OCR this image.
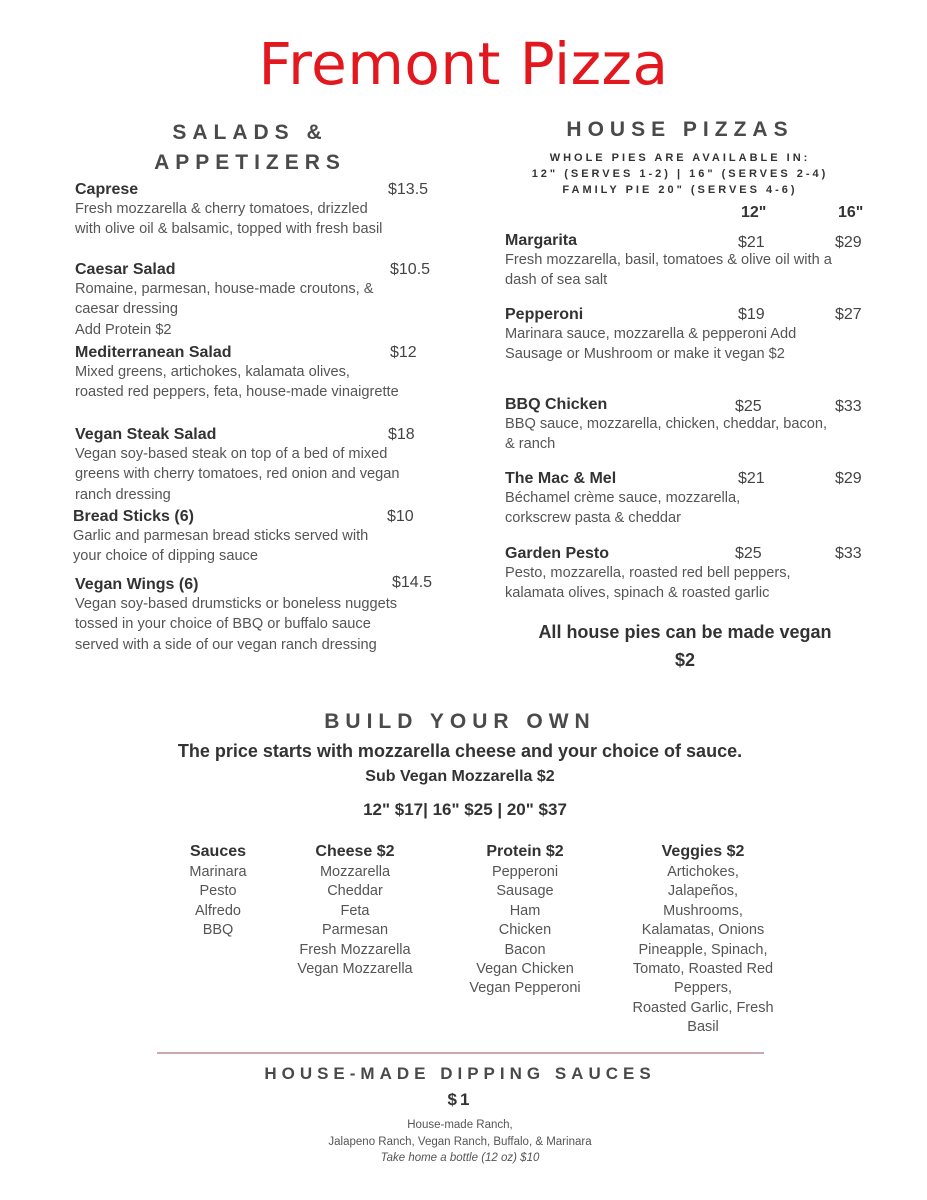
Fremont Pizza
SALADS &
APPETIZERS
Caprese	$13.5
Fresh mozzarella & cherry tomatoes, drizzled with olive oil & balsamic, topped with fresh basil
Caesar Salad	$10.5
Romaine, parmesan, house-made croutons, & caesar dressing
Add Protein $2
Mediterranean Salad	$12
Mixed greens, artichokes, kalamata olives, roasted red peppers, feta, house-made vinaigrette
Vegan Steak Salad	$18
Vegan soy-based steak on top of a bed of mixed greens with cherry tomatoes, red onion and vegan ranch dressing
Bread Sticks (6)	$10
Garlic and parmesan bread sticks served with your choice of dipping sauce
Vegan Wings (6)	$14.5
Vegan soy-based drumsticks or boneless nuggets tossed in your choice of BBQ or buffalo sauce served with a side of our vegan ranch dressing
HOUSE PIZZAS
WHOLE PIES ARE AVAILABLE IN:
12" (SERVES 1-2) | 16" (SERVES 2-4)
FAMILY PIE 20" (SERVES 4-6)
12"	16"
Margarita	$21	$29
Fresh mozzarella, basil, tomatoes & olive oil with a dash of sea salt
Pepperoni	$19	$27
Marinara sauce, mozzarella & pepperoni Add Sausage or Mushroom or make it vegan $2
BBQ Chicken	$25	$33
BBQ sauce, mozzarella, chicken, cheddar, bacon, & ranch
The Mac & Mel	$21	$29
Béchamel crème sauce, mozzarella, corkscrew pasta & cheddar
Garden Pesto	$25	$33
Pesto, mozzarella, roasted red bell peppers, kalamata olives, spinach & roasted garlic
All house pies can be made vegan
$2
BUILD YOUR OWN
The price starts with mozzarella cheese and your choice of sauce.
Sub Vegan Mozzarella $2
12" $17| 16" $25 | 20" $37
Sauces
Marinara
Pesto
Alfredo
BBQ
Cheese $2
Mozzarella
Cheddar
Feta
Parmesan
Fresh Mozzarella
Vegan Mozzarella
Protein $2
Pepperoni
Sausage
Ham
Chicken
Bacon
Vegan Chicken
Vegan Pepperoni
Veggies $2
Artichokes,
Jalapeños,
Mushrooms,
Kalamatas, Onions
Pineapple, Spinach,
Tomato, Roasted Red
Peppers,
Roasted Garlic, Fresh
Basil
HOUSE-MADE DIPPING SAUCES
$1
House-made Ranch,
Jalapeno Ranch, Vegan Ranch, Buffalo, & Marinara
Take home a bottle (12 oz) $10
